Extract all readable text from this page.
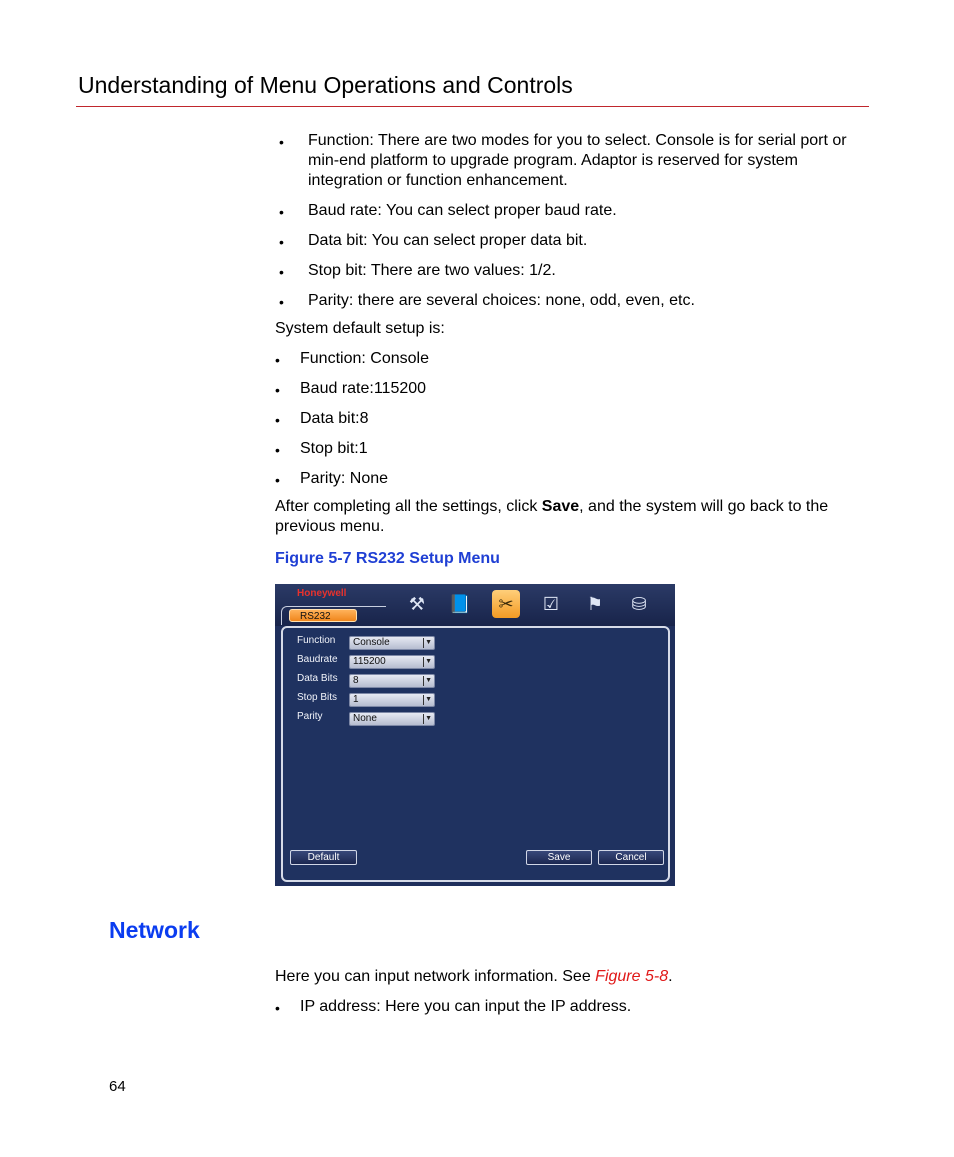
Understanding of Menu Operations and Controls
• Function: There are two modes for you to select. Console is for serial port or min-end platform to upgrade program. Adaptor is reserved for system integration or function enhancement.
• Baud rate: You can select proper baud rate.
• Data bit: You can select proper data bit.
• Stop bit: There are two values: 1/2.
• Parity: there are several choices: none, odd, even, etc.
System default setup is:
• Function: Console
• Baud rate:115200
• Data bit:8
• Stop bit:1
• Parity: None
After completing all the settings, click Save, and the system will go back to the previous menu.
Figure 5-7 RS232 Setup Menu
Honeywell
RS232
⚒	📘	✂	☑	⚑	⛁
Function Console	▼
Baudrate 115200	▼
Data Bits 8	▼
Stop Bits 1	▼
Parity	None	▼
Default	Save	Cancel
Network
Here you can input network information. See Figure 5-8.
• IP address: Here you can input the IP address.
64
